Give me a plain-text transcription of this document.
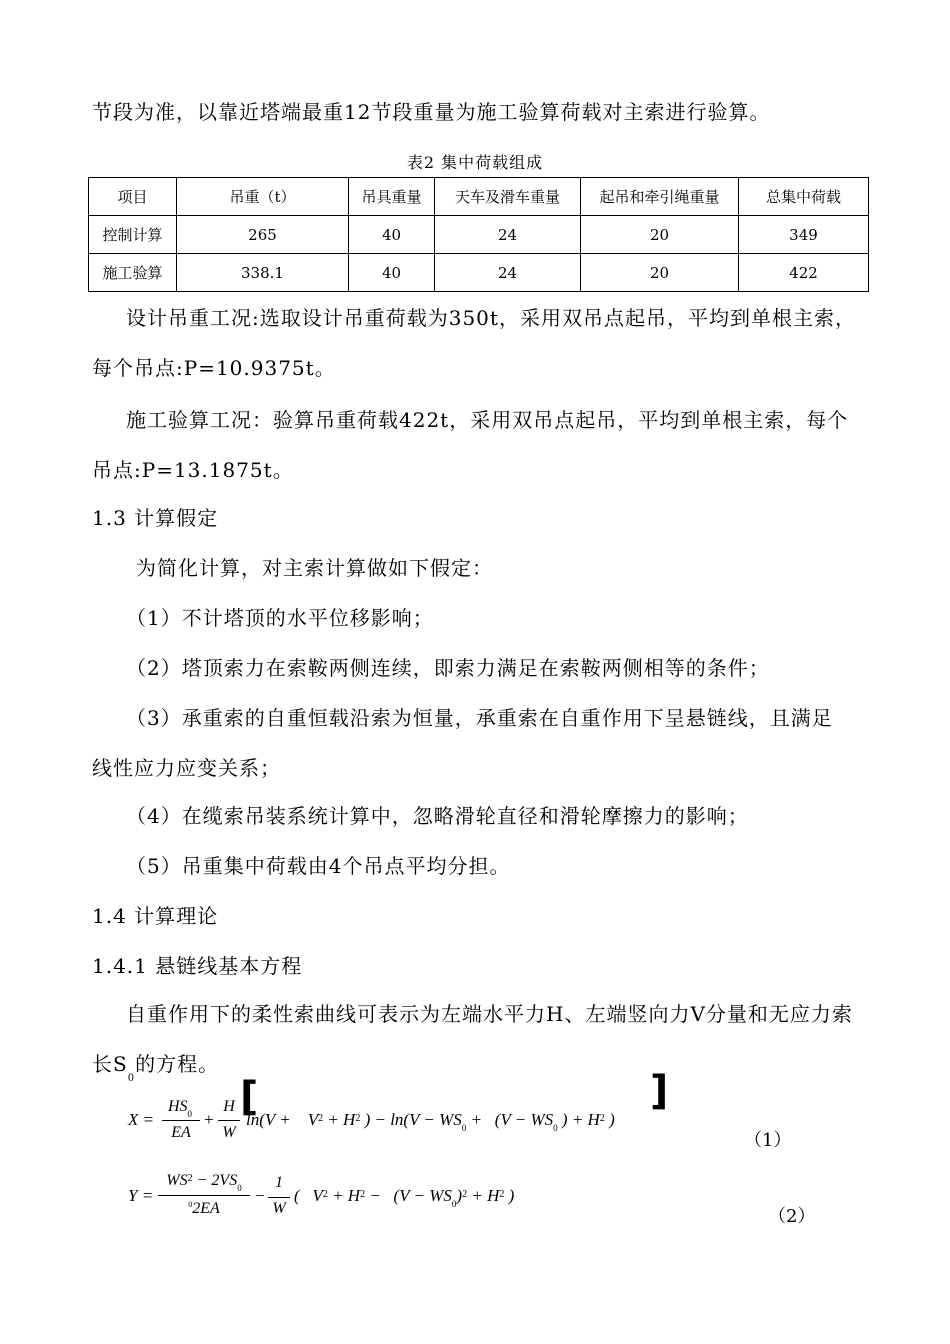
节段为准，以靠近塔端最重12节段重量为施工验算荷载对主索进行验算。
表2 集中荷载组成
项目	吊重（t）	吊具重量	天车及滑车重量	起吊和牵引绳重量	总集中荷载
控制计算	265	40	24	20	349
施工验算	338.1	40	24	20	422
设计吊重工况:选取设计吊重荷载为350t，采用双吊点起吊，平均到单根主索，
每个吊点:P=10.9375t。
施工验算工况：验算吊重荷载422t，采用双吊点起吊，平均到单根主索，每个
吊点:P=13.1875t。
1.3 计算假定
为简化计算，对主索计算做如下假定：
（1）不计塔顶的水平位移影响；
（2）塔顶索力在索鞍两侧连续，即索力满足在索鞍两侧相等的条件；
（3）承重索的自重恒载沿索为恒量，承重索在自重作用下呈悬链线，且满足
线性应力应变关系；
（4）在缆索吊装系统计算中，忽略滑轮直径和滑轮摩擦力的影响；
（5）吊重集中荷载由4个吊点平均分担。
1.4 计算理论
1.4.1 悬链线基本方程
自重作用下的柔性索曲线可表示为左端水平力H、左端竖向力V分量和无应力索
长$S_0$的方程。
X =
$HS_0$
EA
+
H
W
[
$\ln(V + V^2 + H^2$ ) − $\ln(V - WS_0 + (V - WS_0$ ) + $H^2$ )
]
（1）
Y =
$WS^2 - 2VS_0$
$^0$2EA
−
1
W
( $V^2 + H^2 - (V - WS_0)^2 + H^2$ )
（2）
